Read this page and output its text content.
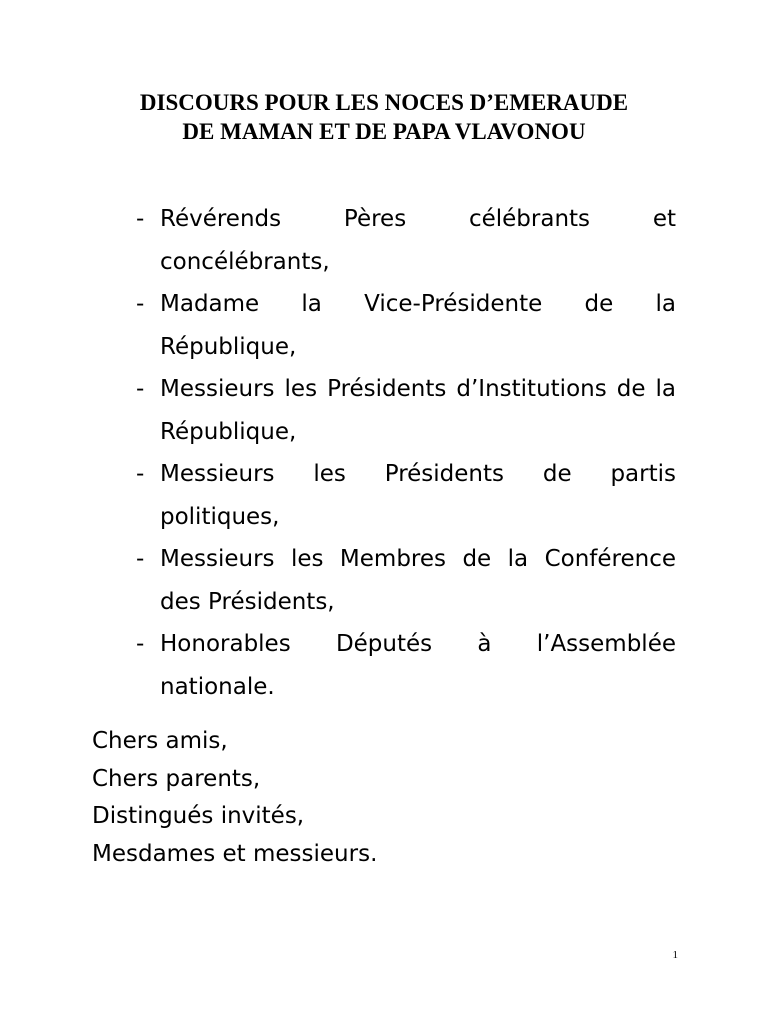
DISCOURS POUR LES NOCES D’EMERAUDE
DE MAMAN ET DE PAPA VLAVONOU
- Révérends Pères célébrants et concélébrants,
- Madame la Vice-Présidente de la République,
- Messieurs les Présidents d’Institutions de la République,
- Messieurs les Présidents de partis politiques,
- Messieurs les Membres de la Conférence des Présidents,
- Honorables Députés à l’Assemblée nationale.
Chers amis,
Chers parents,
Distingués invités,
Mesdames et messieurs.
1
